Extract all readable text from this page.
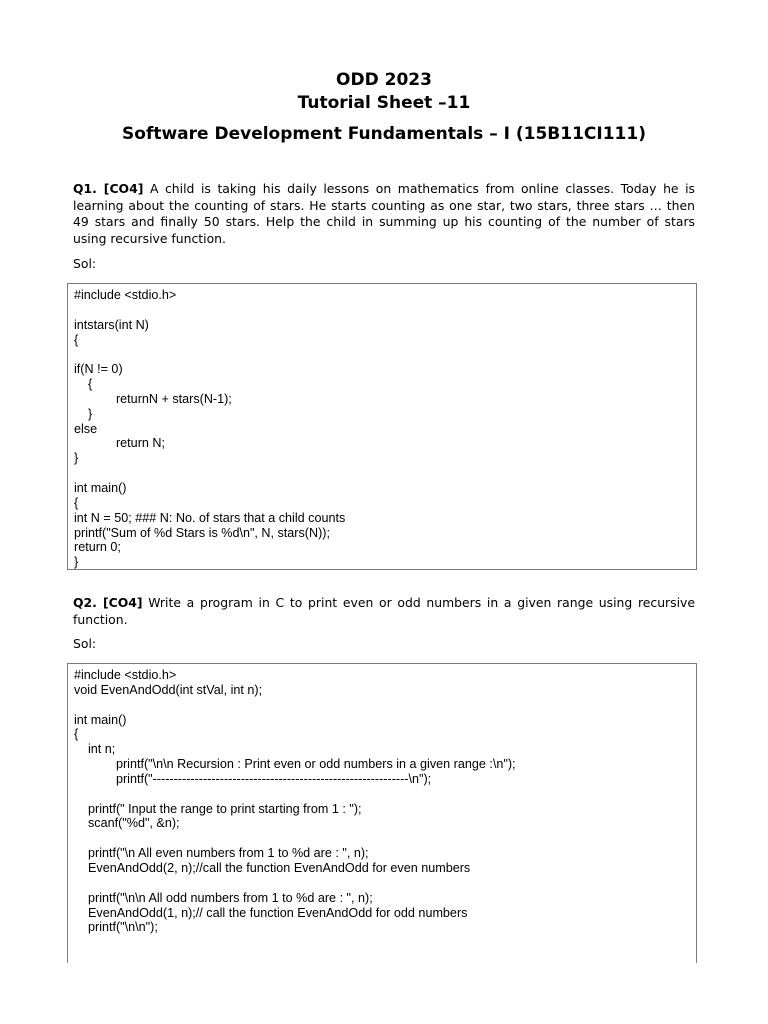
ODD 2023
Tutorial Sheet –11
Software Development Fundamentals – I (15B11CI111)

Q1. [CO4] A child is taking his daily lessons on mathematics from online classes. Today he is learning about the counting of stars. He starts counting as one star, two stars, three stars … then 49 stars and finally 50 stars. Help the child in summing up his counting of the number of stars using recursive function.

Sol:
#include <stdio.h>

intstars(int N)
{

if(N != 0)
{
returnN + stars(N-1);
}
else
return N;
}

int main()
{
int N = 50; ### N: No. of stars that a child counts
printf("Sum of %d Stars is %d\n", N, stars(N));
return 0;
}

Q2. [CO4] Write a program in C to print even or odd numbers in a given range using recursive function.

Sol:
#include <stdio.h>
void EvenAndOdd(int stVal, int n);

int main()
{
int n;
printf("\n\n Recursion : Print even or odd numbers in a given range :\n");
printf("-------------------------------------------------------------\n");

printf(" Input the range to print starting from 1 : ");
scanf("%d", &n);

printf("\n All even numbers from 1 to %d are : ", n);
EvenAndOdd(2, n);//call the function EvenAndOdd for even numbers

printf("\n\n All odd numbers from 1 to %d are : ", n);
EvenAndOdd(1, n);// call the function EvenAndOdd for odd numbers
printf("\n\n");
